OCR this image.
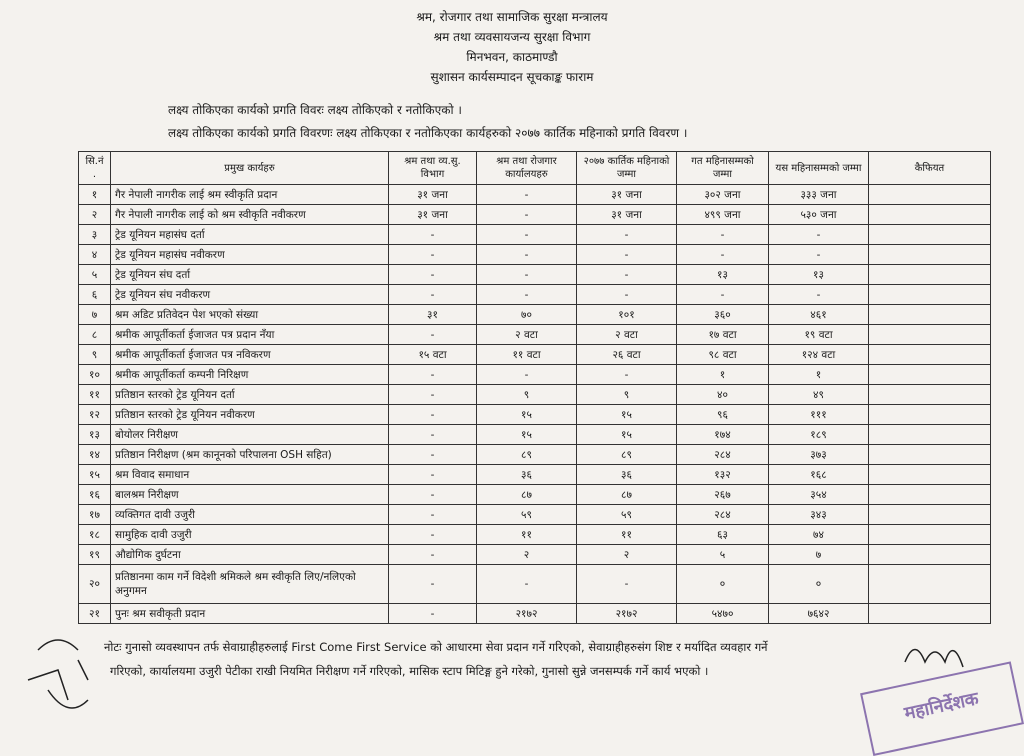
श्रम, रोजगार तथा सामाजिक सुरक्षा मन्त्रालय
श्रम तथा व्यवसायजन्य सुरक्षा विभाग
मिनभवन, काठमाण्डौ
सुशासन कार्यसम्पादन सूचकाङ्क फाराम
लक्ष्य तोकिएका कार्यको प्रगति विवरः लक्ष्य तोकिएको र नतोकिएको ।
लक्ष्य तोकिएका कार्यको प्रगति विवरणः लक्ष्य तोकिएका र नतोकिएका कार्यहरुको २०७७ कार्तिक महिनाको प्रगति विवरण ।
सि.नं .	प्रमुख कार्यहरु	श्रम तथा व्य.सु. विभाग	श्रम तथा रोजगार कार्यालयहरु	२०७७ कार्तिक महिनाको जम्मा	गत महिनासम्मको जम्मा	यस महिनासम्मको जम्मा	कैफियत
१	गैर नेपाली नागरीक लाई श्रम स्वीकृति प्रदान	३१ जना	-	३१ जना	३०२ जना	३३३ जना	
२	गैर नेपाली नागरीक लाई को श्रम स्वीकृति नवीकरण	३१ जना	-	३१ जना	४९९ जना	५३० जना	
३	ट्रेड यूनियन महासंघ दर्ता	-	-	-	-	-	
४	ट्रेड यूनियन महासंघ नवीकरण	-	-	-	-	-	
५	ट्रेड यूनियन संघ दर्ता	-	-	-	१३	१३	
६	ट्रेड यूनियन संघ नवीकरण	-	-	-	-	-	
७	श्रम अडिट प्रतिवेदन पेश भएको संख्या	३१	७०	१०१	३६०	४६१	
८	श्रमीक आपूर्तीकर्ता ईजाजत पत्र प्रदान नँया	-	२ वटा	२ वटा	१७ वटा	१९ वटा	
९	श्रमीक आपूर्तीकर्ता ईजाजत पत्र नविकरण	१५ वटा	११ वटा	२६ वटा	९८ वटा	१२४ वटा	
१०	श्रमीक आपूर्तीकर्ता कम्पनी निरिक्षण	-	-	-	१	१	
११	प्रतिष्ठान स्तरको ट्रेड यूनियन दर्ता	-	९	९	४०	४९	
१२	प्रतिष्ठान स्तरको ट्रेड यूनियन नवीकरण	-	१५	१५	९६	१११	
१३	बोयोलर निरीक्षण	-	१५	१५	१७४	१८९	
१४	प्रतिष्ठान निरीक्षण (श्रम कानूनको परिपालना OSH सहित)	-	८९	८९	२८४	३७३	
१५	श्रम विवाद समाधान	-	३६	३६	१३२	१६८	
१६	बालश्रम निरीक्षण	-	८७	८७	२६७	३५४	
१७	व्यक्तिगत दावी उजुरी	-	५९	५९	२८४	३४३	
१८	सामुहिक दावी उजुरी	-	११	११	६३	७४	
१९	औद्योगिक दुर्घटना	-	२	२	५	७	
२०	प्रतिष्ठानमा काम गर्ने विदेशी श्रमिकले श्रम स्वीकृति लिए/नलिएको अनुगमन	-	-	-	०	०	
२१	पुनः श्रम सवीकृती प्रदान	-	२१७२	२१७२	५४७०	७६४२	
नोटः गुनासो व्यवस्थापन तर्फ सेवाग्राहीहरुलाई First Come First Service को आधारमा सेवा प्रदान गर्ने गरिएको, सेवाग्राहीहरुसंग शिष्ट र मर्यादित व्यवहार गर्ने
गरिएको, कार्यालयमा उजुरी पेटीका राखी नियमित निरीक्षण गर्ने गरिएको, मासिक स्टाप मिटिङ्ग हुने गरेको, गुनासो सुन्ने जनसम्पर्क गर्ने कार्य भएको ।
महानिर्देशक
